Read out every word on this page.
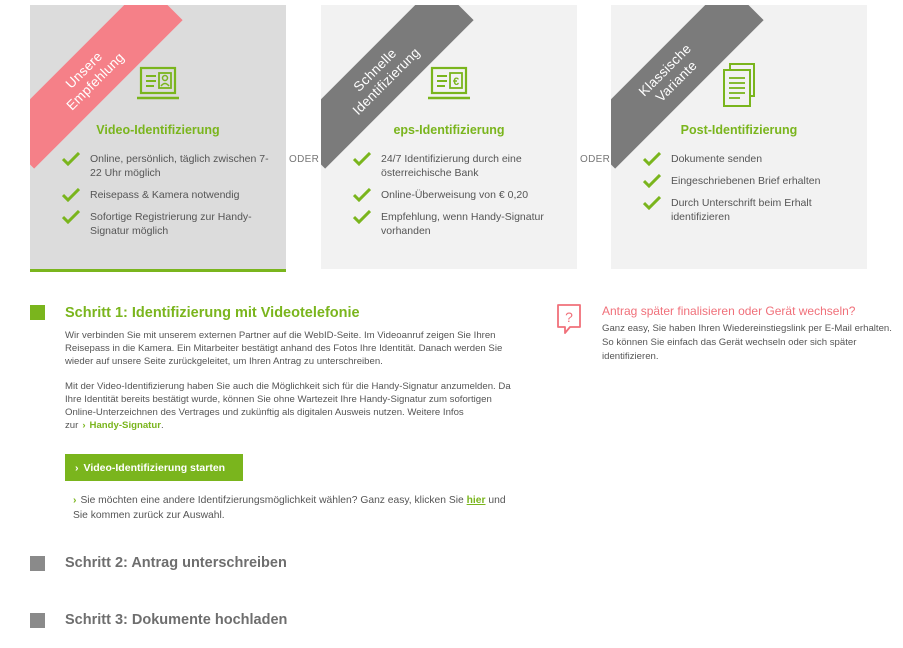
Unsere
Empfehlung
Video-Identifizierung
Online, persönlich, täglich zwischen 7-22 Uhr möglich
Reisepass & Kamera notwendig
Sofortige Registrierung zur Handy-Signatur möglich
ODER
Schnelle
Identifizierung	€
eps-Identifizierung
24/7 Identifizierung durch eine österreichische Bank
Online-Überweisung von € 0,20
Empfehlung, wenn Handy-Signatur vorhanden
ODER
Klassische
Variante
Post-Identifizierung
Dokumente senden
Eingeschriebenen Brief erhalten
Durch Unterschrift beim Erhalt identifizieren
Schritt 1: Identifizierung mit Videotelefonie

Wir verbinden Sie mit unserem externen Partner auf die WebID-Seite. Im Videoanruf zeigen Sie Ihren Reisepass in die Kamera. Ein Mitarbeiter bestätigt anhand des Fotos Ihre Identität. Danach werden Sie wieder auf unsere Seite zurückgeleitet, um Ihren Antrag zu unterschreiben.

Mit der Video-Identifizierung haben Sie auch die Möglichkeit sich für die Handy-Signatur anzumelden. Da Ihre Identität bereits bestätigt wurde, können Sie ohne Wartezeit Ihre Handy-Signatur zum sofortigen Online-Unterzeichnen des Vertrages und zukünftig als digitalen Ausweis nutzen. Weitere Infos zur › Handy-Signatur.

› Video-Identifizierung starten

› Sie möchten eine andere Identifzierungsmöglichkeit wählen? Ganz easy, klicken Sie hier und Sie kommen zurück zur Auswahl.

Schritt 2: Antrag unterschreiben
Schritt 3: Dokumente hochladen
? Antrag später finalisieren oder Gerät wechseln?

Ganz easy, Sie haben Ihren Wiedereinstiegslink per E-Mail erhalten. So können Sie einfach das Gerät wechseln oder sich später identifizieren.
